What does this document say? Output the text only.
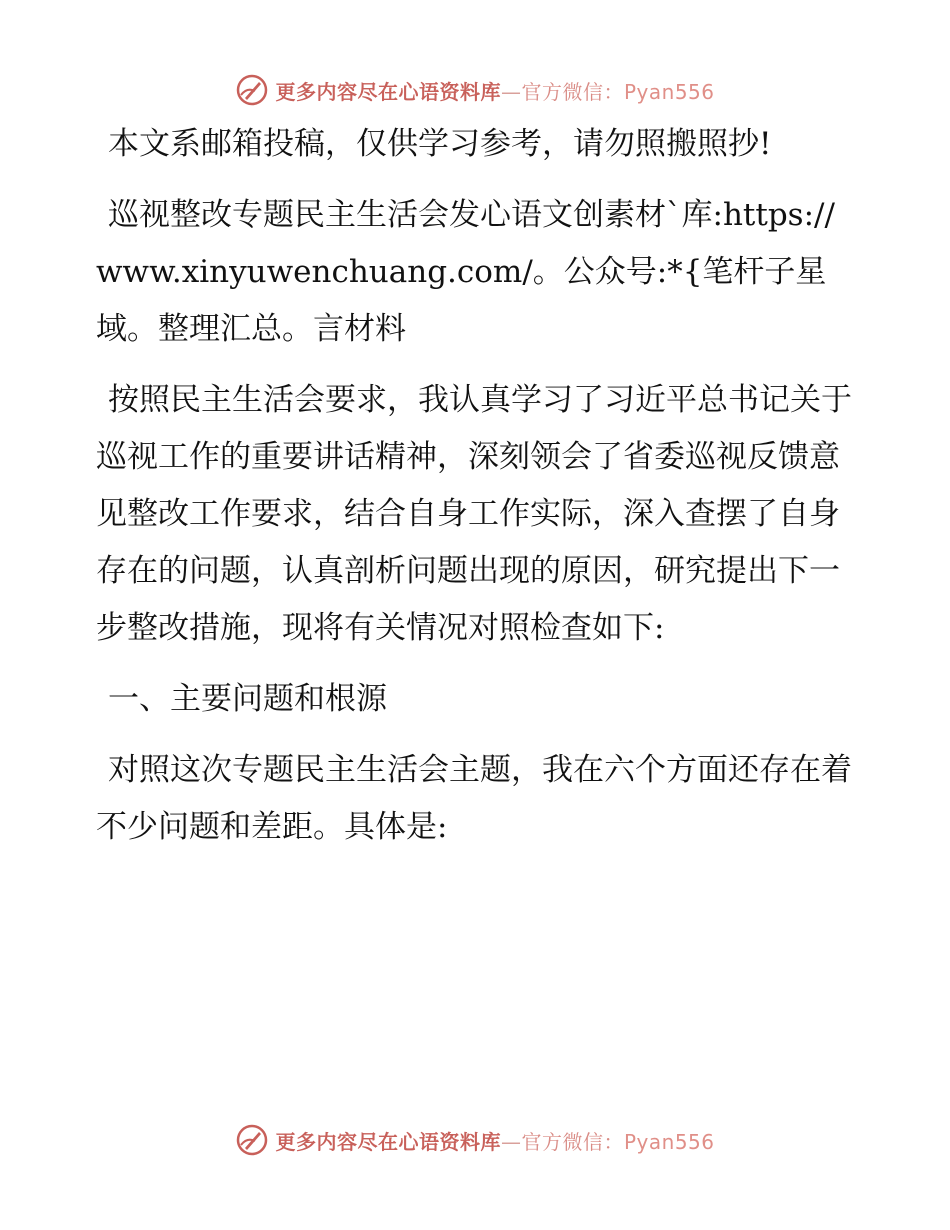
更多内容尽在心语资料库—官方微信：Pyan556

本文系邮箱投稿，仅供学习参考，请勿照搬照抄!

巡视整改专题民主生活会发心语文创素材`库:https://www.xinyuwenchuang.com/。公众号:*{笔杆子星域。整理汇总。言材料

按照民主生活会要求，我认真学习了习近平总书记关于巡视工作的重要讲话精神，深刻领会了省委巡视反馈意见整改工作要求，结合自身工作实际，深入查摆了自身存在的问题，认真剖析问题出现的原因，研究提出下一步整改措施，现将有关情况对照检查如下:

一、主要问题和根源

对照这次专题民主生活会主题，我在六个方面还存在着不少问题和差距。具体是:

更多内容尽在心语资料库—官方微信：Pyan556
